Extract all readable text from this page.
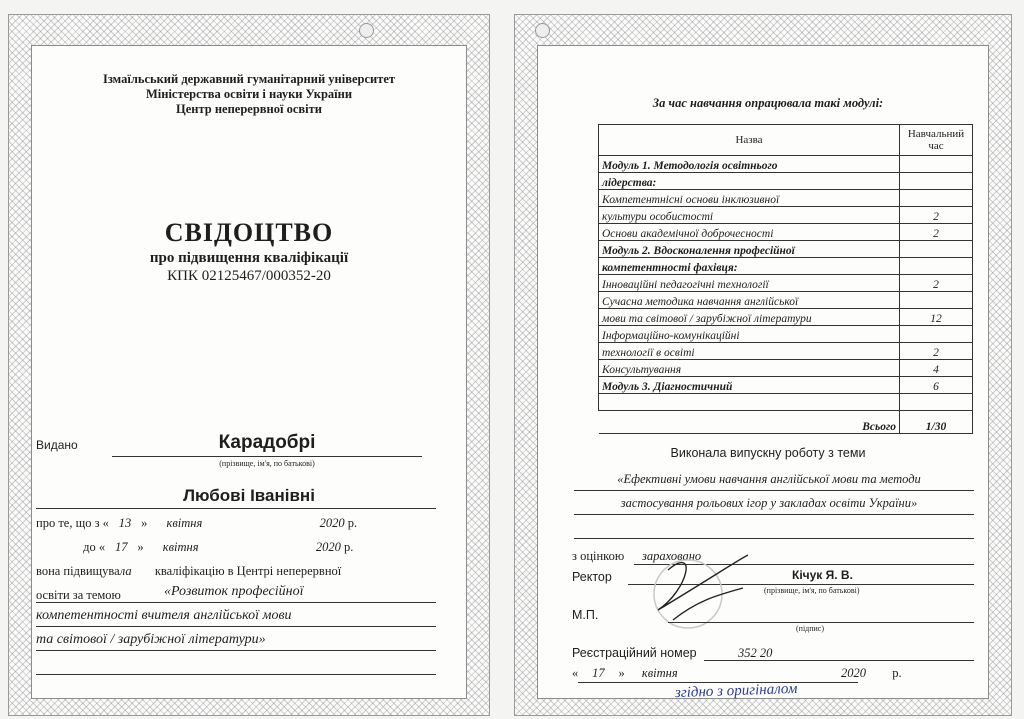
Ізмаїльський державний гуманітарний університет
Міністерства освіти і науки України
Центр неперервної освіти
СВІДОЦТВО
про підвищення кваліфікації
КПК 02125467/000352-20
Видано	Карадобрі
(прізвище, ім'я, по батькові)
Любові Іванівні
про те, що з « 13 » квітня	2020 р.
до « 17 » квітня	2020 р.
вона підвищувала кваліфікацію в Центрі неперервної
освіти за темою	«Розвиток професійної
компетентності вчителя англійської мови
та світової / зарубіжної літератури»
За час навчання опрацювала такі модулі:
Назва	Навчальний
час
Модуль 1. Методологія освітнього	
лідерства:	
Компетентнісні основи інклюзивної	
культури особистості	2
Основи академічної доброчесності	2
Модуль 2. Вдосконалення професійної	
компетентності фахівця:	
Інноваційні педагогічні технології	2
Сучасна методика навчання англійської	
мови та світової / зарубіжної літератури	12
Інформаційно-комунікаційні	
технології в освіті	2
Консультування	4
Модуль 3. Діагностичний	6

Всього	1/30
Виконала випускну роботу з теми
«Ефективні умови навчання англійської мови та методи
застосування рольових ігор у закладах освіти України»
з оцінкою зараховано
Ректор	Кічук Я. В.
(прізвище, ім'я, по батькові)
М.П.
(підпис)
Реєстраційний номер	352 20
« 17 » квітня	2020 р.
згідно з оригіналом
